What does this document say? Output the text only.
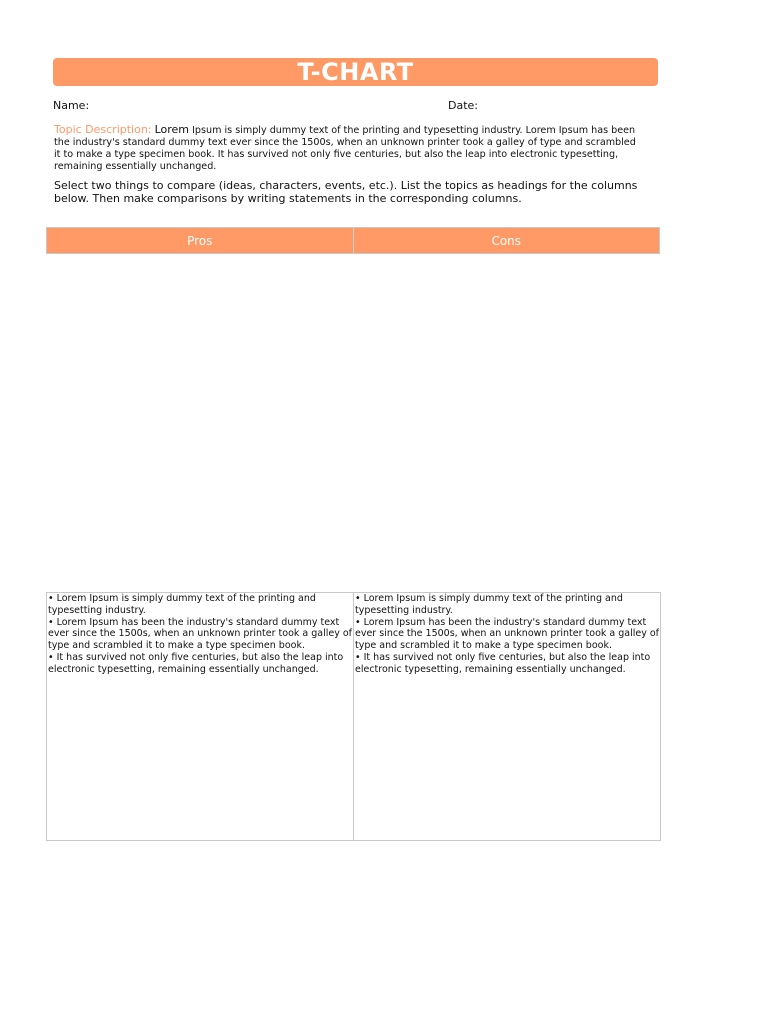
T-CHART
Name:	Date:
Topic Description: Lorem Ipsum is simply dummy text of the printing and typesetting industry. Lorem Ipsum has been the industry's standard dummy text ever since the 1500s, when an unknown printer took a galley of type and scrambled it to make a type specimen book. It has survived not only five centuries, but also the leap into electronic typesetting, remaining essentially unchanged.
Select two things to compare (ideas, characters, events, etc.). List the topics as headings for the columns below. Then make comparisons by writing statements in the corresponding columns.
Pros	Cons
• Lorem Ipsum is simply dummy text of the printing and typesetting industry.
• Lorem Ipsum has been the industry's standard dummy text ever since the 1500s, when an unknown printer took a galley of type and scrambled it to make a type specimen book.
• It has survived not only five centuries, but also the leap into electronic typesetting, remaining essentially unchanged.
• Lorem Ipsum is simply dummy text of the printing and typesetting industry.
• Lorem Ipsum has been the industry's standard dummy text ever since the 1500s, when an unknown printer took a galley of type and scrambled it to make a type specimen book.
• It has survived not only five centuries, but also the leap into electronic typesetting, remaining essentially unchanged.
